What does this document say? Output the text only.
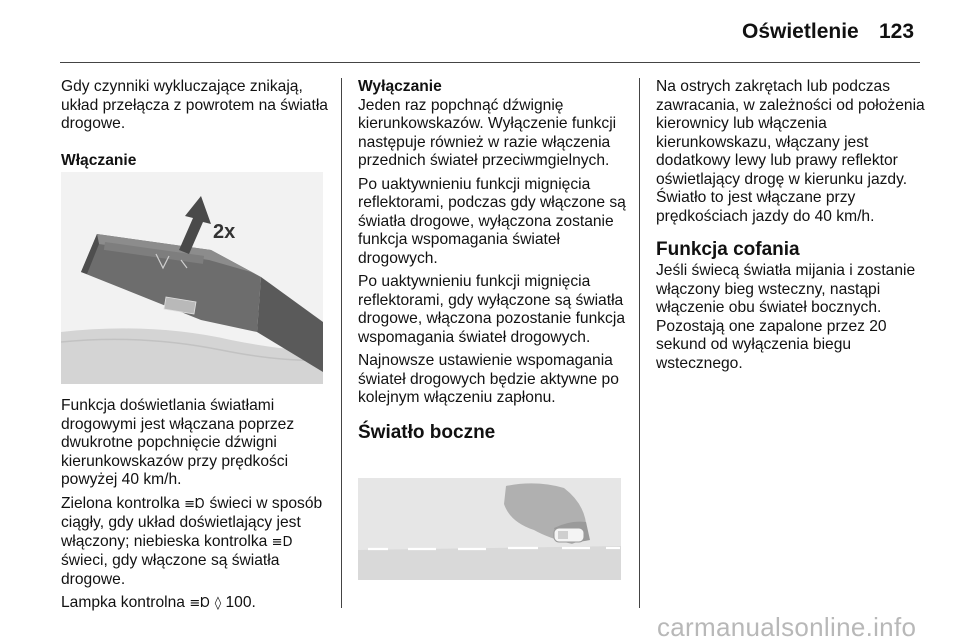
Oświetlenie 123

Gdy czynniki wykluczające znikają, układ przełącza z powrotem na światła drogowe.

Włączanie

2x

Funkcja doświetlania światłami drogowymi jest włączana poprzez dwukrotne popchnięcie dźwigni kierunkowskazów przy prędkości powyżej 40 km/h.

Zielona kontrolka ≡Ɒ świeci w sposób ciągły, gdy układ doświetlający jest włączony; niebieska kontrolka ≡D świeci, gdy włączone są światła drogowe.

Lampka kontrolna ≡Ɒ ◊ 100.

Wyłączanie
Jeden raz popchnąć dźwignię kierunkowskazów. Wyłączenie funkcji następuje również w razie włączenia przednich świateł przeciwmgielnych.

Po uaktywnieniu funkcji mignięcia reflektorami, podczas gdy włączone są światła drogowe, wyłączona zostanie funkcja wspomagania świateł drogowych.

Po uaktywnieniu funkcji mignięcia reflektorami, gdy wyłączone są światła drogowe, włączona pozostanie funkcja wspomagania świateł drogowych.

Najnowsze ustawienie wspomagania świateł drogowych będzie aktywne po kolejnym włączeniu zapłonu.

Światło boczne

Na ostrych zakrętach lub podczas zawracania, w zależności od położenia kierownicy lub włączenia kierunkowskazu, włączany jest dodatkowy lewy lub prawy reflektor oświetlający drogę w kierunku jazdy. Światło to jest włączane przy prędkościach jazdy do 40 km/h.

Funkcja cofania

Jeśli świecą światła mijania i zostanie włączony bieg wsteczny, nastąpi włączenie obu świateł bocznych. Pozostają one zapalone przez 20 sekund od wyłączenia biegu wstecznego.

carmanualsonline.info
